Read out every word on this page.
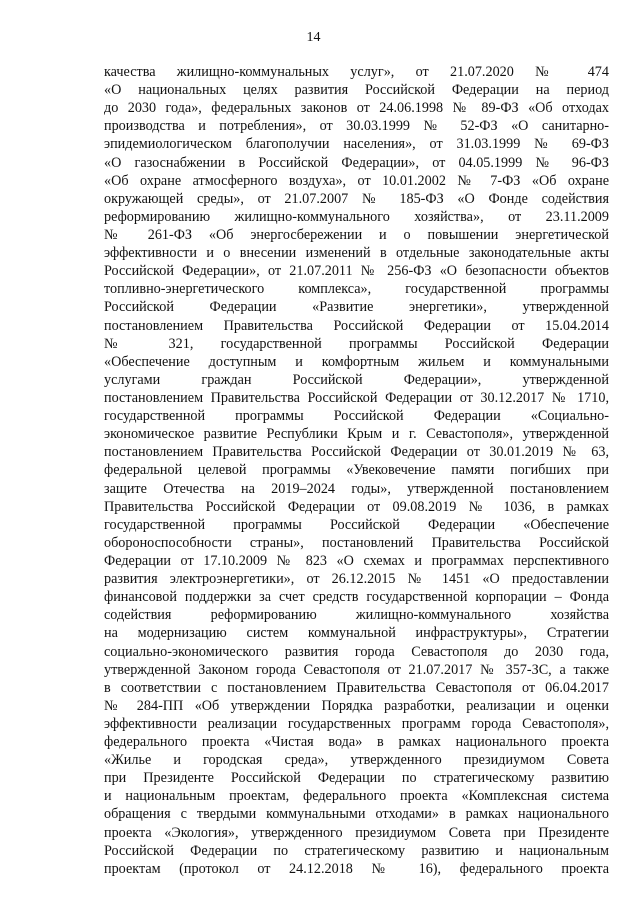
14
качества жилищно-коммунальных услуг», от 21.07.2020 № 474
«О национальных целях развития Российской Федерации на период
до 2030 года», федеральных законов от 24.06.1998 № 89-ФЗ «Об отходах
производства и потребления», от 30.03.1999 № 52-ФЗ «О санитарно-
эпидемиологическом благополучии населения», от 31.03.1999 № 69-ФЗ
«О газоснабжении в Российской Федерации», от 04.05.1999 № 96-ФЗ
«Об охране атмосферного воздуха», от 10.01.2002 № 7-ФЗ «Об охране
окружающей среды», от 21.07.2007 № 185-ФЗ «О Фонде содействия
реформированию жилищно-коммунального хозяйства», от 23.11.2009
№ 261-ФЗ «Об энергосбережении и о повышении энергетической
эффективности и о внесении изменений в отдельные законодательные акты
Российской Федерации», от 21.07.2011 № 256-ФЗ «О безопасности объектов
топливно-энергетического комплекса», государственной программы
Российской Федерации «Развитие энергетики», утвержденной
постановлением Правительства Российской Федерации от 15.04.2014
№ 321, государственной программы Российской Федерации
«Обеспечение доступным и комфортным жильем и коммунальными
услугами граждан Российской Федерации», утвержденной
постановлением Правительства Российской Федерации от 30.12.2017 № 1710,
государственной программы Российской Федерации «Социально-
экономическое развитие Республики Крым и г. Севастополя», утвержденной
постановлением Правительства Российской Федерации от 30.01.2019 № 63,
федеральной целевой программы «Увековечение памяти погибших при
защите Отечества на 2019–2024 годы», утвержденной постановлением
Правительства Российской Федерации от 09.08.2019 № 1036, в рамках
государственной программы Российской Федерации «Обеспечение
обороноспособности страны», постановлений Правительства Российской
Федерации от 17.10.2009 № 823 «О схемах и программах перспективного
развития электроэнергетики», от 26.12.2015 № 1451 «О предоставлении
финансовой поддержки за счет средств государственной корпорации – Фонда
содействия реформированию жилищно-коммунального хозяйства
на модернизацию систем коммунальной инфраструктуры», Стратегии
социально-экономического развития города Севастополя до 2030 года,
утвержденной Законом города Севастополя от 21.07.2017 № 357-ЗС, а также
в соответствии с постановлением Правительства Севастополя от 06.04.2017
№ 284-ПП «Об утверждении Порядка разработки, реализации и оценки
эффективности реализации государственных программ города Севастополя»,
федерального проекта «Чистая вода» в рамках национального проекта
«Жилье и городская среда», утвержденного президиумом Совета
при Президенте Российской Федерации по стратегическому развитию
и национальным проектам, федерального проекта «Комплексная система
обращения с твердыми коммунальными отходами» в рамках национального
проекта «Экология», утвержденного президиумом Совета при Президенте
Российской Федерации по стратегическому развитию и национальным
проектам (протокол от 24.12.2018 № 16), федерального проекта
